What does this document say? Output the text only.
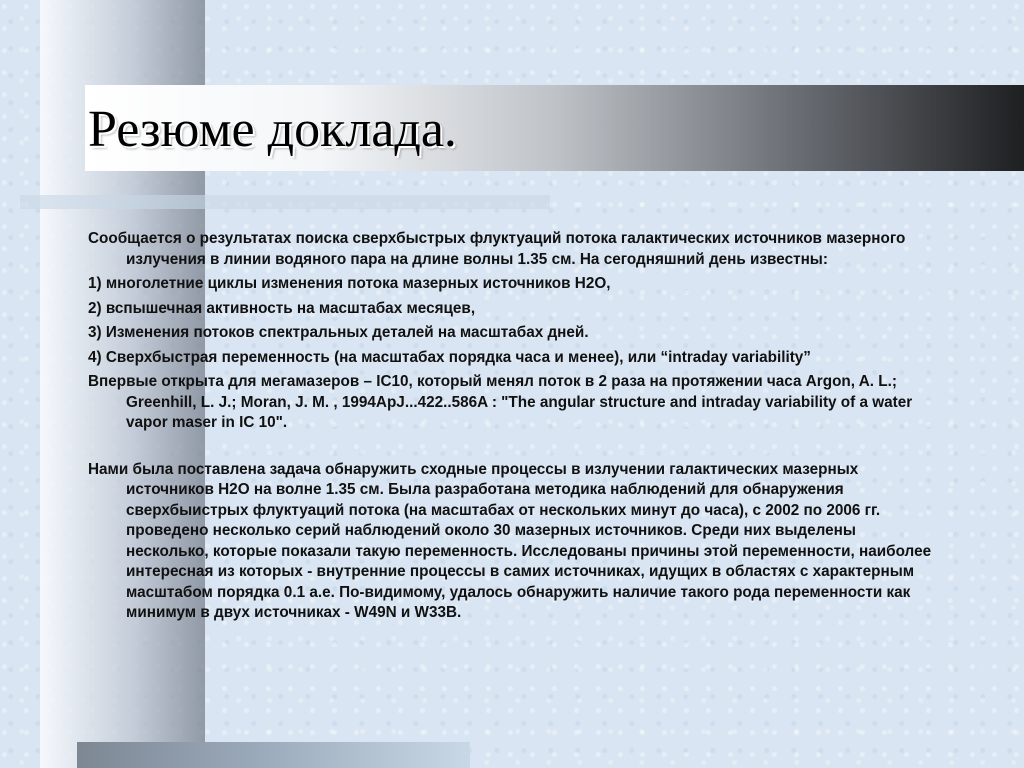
Резюме доклада.

Сообщается о результатах поиска сверхбыстрых флуктуаций потока галактических источников мазерного излучения в линии водяного пара на длине волны 1.35 см. На сегодняшний день известны:

1) многолетние циклы изменения потока мазерных источников H2O,

2) вспышечная активность на масштабах месяцев,

3) Изменения потоков спектральных деталей на масштабах дней.

4) Сверхбыстрая переменность (на масштабах порядка часа и менее), или “intraday variability”

Впервые открыта для мегамазеров – IC10, который менял поток в 2 раза на протяжении часа Argon, A. L.; Greenhill, L. J.; Moran, J. M. , 1994ApJ...422..586A : "The angular structure and intraday variability of a water vapor maser in IC 10".

Нами была поставлена задача обнаружить сходные процессы в излучении галактических мазерных источников H2O на волне 1.35 см. Была разработана методика наблюдений для обнаружения сверхбыистрых флуктуаций потока (на масштабах от нескольких минут до часа), с 2002 по 2006 гг. проведено несколько серий наблюдений около 30 мазерных источников. Среди них выделены несколько, которые показали такую переменность. Исследованы причины этой переменности, наиболее интересная из которых - внутренние процессы в самих источниках, идущих в областях с характерным масштабом порядка 0.1 а.е. По-видимому, удалось обнаружить наличие такого рода переменности как минимум в двух источниках - W49N и W33B.
